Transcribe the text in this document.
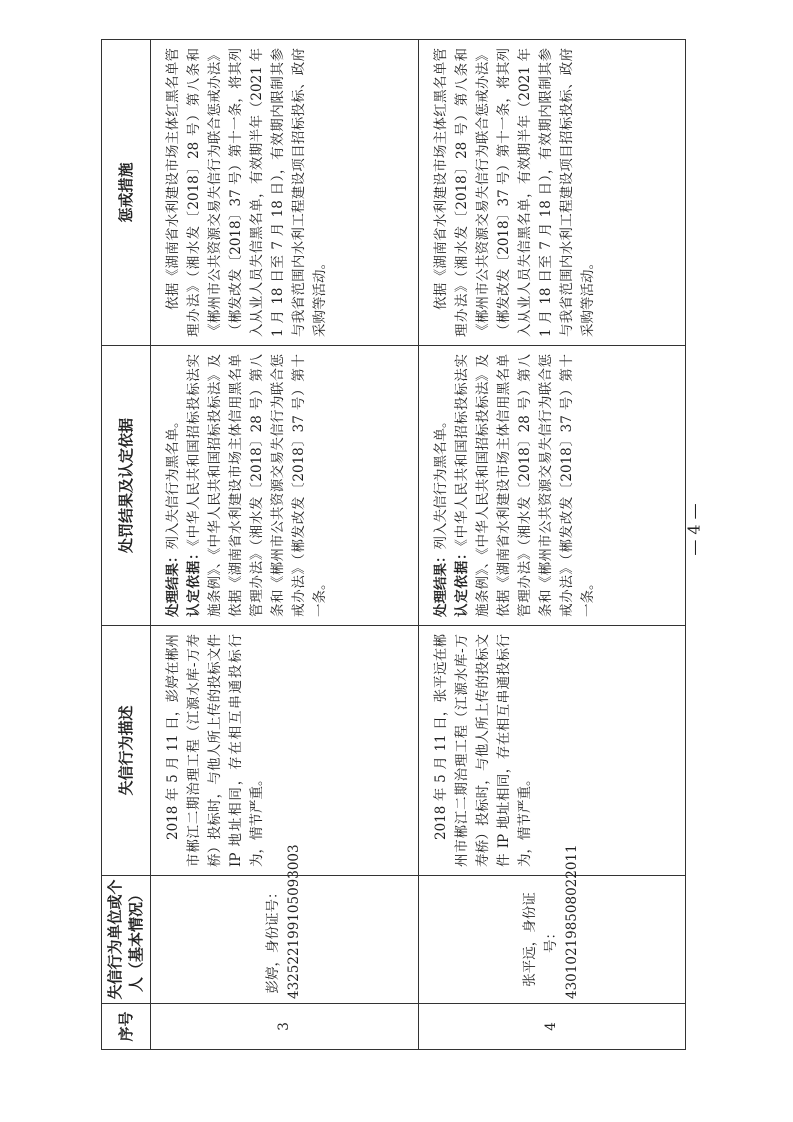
序号	失信行为单位或个人（基本情况）	失信行为描述	处罚结果及认定依据	惩戒措施
3	彭婷，身份证号：432522199105093003	2018 年 5 月 11 日，彭婷在郴州市郴江二期治理工程（江源水库-万寿桥）投标时，与他人所上传的投标文件 IP 地址相同，存在相互串通投标行为，情节严重。	处理结果：列入失信行为黑名单。
认定依据：《中华人民共和国招标投标法实施条例》、《中华人民共和国招标投标法》及依据《湖南省水利建设市场主体信用黑名单管理办法》（湘水发〔2018〕28 号）第八条和《郴州市公共资源交易失信行为联合惩戒办法》（郴发改发〔2018〕37 号）第十一条。	依据《湖南省水利建设市场主体红黑名单管理办法》（湘水发〔2018〕28 号）第八条和《郴州市公共资源交易失信行为联合惩戒办法》（郴发改发〔2018〕37 号）第十一条，将其列入从业人员失信黑名单，有效期半年（2021 年 1 月 18 日至 7 月 18 日），有效期内限制其参与我省范围内水利工程建设项目招标投标、政府采购等活动。

4	张平远，身份证号：430102198508022011	2018 年 5 月 11 日，张平远在郴州市郴江二期治理工程（江源水库-万寿桥）投标时，与他人所上传的投标文件 IP 地址相同，存在相互串通投标行为，情节严重。	处理结果：列入失信行为黑名单。
认定依据：《中华人民共和国招标投标法实施条例》、《中华人民共和国招标投标法》及依据《湖南省水利建设市场主体信用黑名单管理办法》（湘水发〔2018〕28 号）第八条和《郴州市公共资源交易失信行为联合惩戒办法》（郴发改发〔2018〕37 号）第十一条。	依据《湖南省水利建设市场主体红黑名单管理办法》（湘水发〔2018〕28 号）第八条和《郴州市公共资源交易失信行为联合惩戒办法》（郴发改发〔2018〕37 号）第十一条，将其列入从业人员失信黑名单，有效期半年（2021 年 1 月 18 日至 7 月 18 日），有效期内限制其参与我省范围内水利工程建设项目招标投标、政府采购等活动。
— 4 —
